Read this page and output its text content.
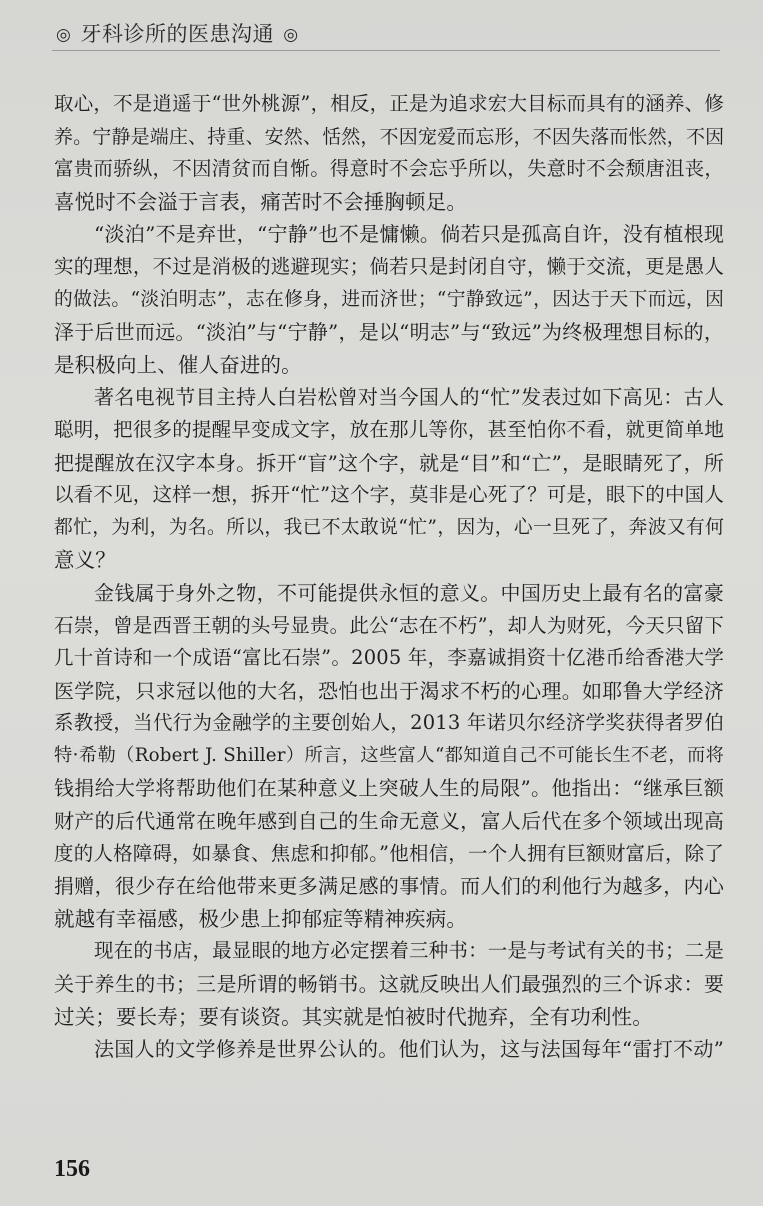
◎ 牙科诊所的医患沟通 ◎
取心，不是逍遥于“世外桃源”，相反，正是为追求宏大目标而具有的涵养、修
养。宁静是端庄、持重、安然、恬然，不因宠爱而忘形，不因失落而怅然，不因
富贵而骄纵，不因清贫而自惭。得意时不会忘乎所以，失意时不会颓唐沮丧，
喜悦时不会溢于言表，痛苦时不会捶胸顿足。
“淡泊”不是弃世，“宁静”也不是慵懒。倘若只是孤高自许，没有植根现
实的理想，不过是消极的逃避现实；倘若只是封闭自守，懒于交流，更是愚人
的做法。“淡泊明志”，志在修身，进而济世；“宁静致远”，因达于天下而远，因
泽于后世而远。“淡泊”与“宁静”，是以“明志”与“致远”为终极理想目标的，
是积极向上、催人奋进的。
著名电视节目主持人白岩松曾对当今国人的“忙”发表过如下高见：古人
聪明，把很多的提醒早变成文字，放在那儿等你，甚至怕你不看，就更简单地
把提醒放在汉字本身。拆开“盲”这个字，就是“目”和“亡”，是眼睛死了，所
以看不见，这样一想，拆开“忙”这个字，莫非是心死了？可是，眼下的中国人
都忙，为利，为名。所以，我已不太敢说“忙”，因为，心一旦死了，奔波又有何
意义？
金钱属于身外之物，不可能提供永恒的意义。中国历史上最有名的富豪
石崇，曾是西晋王朝的头号显贵。此公“志在不朽”，却人为财死，今天只留下
几十首诗和一个成语“富比石崇”。2005 年，李嘉诚捐资十亿港币给香港大学
医学院，只求冠以他的大名，恐怕也出于渴求不朽的心理。如耶鲁大学经济
系教授，当代行为金融学的主要创始人，2013 年诺贝尔经济学奖获得者罗伯
特·希勒（Robert J. Shiller）所言，这些富人“都知道自己不可能长生不老，而将
钱捐给大学将帮助他们在某种意义上突破人生的局限”。他指出：“继承巨额
财产的后代通常在晚年感到自己的生命无意义，富人后代在多个领域出现高
度的人格障碍，如暴食、焦虑和抑郁。”他相信，一个人拥有巨额财富后，除了
捐赠，很少存在给他带来更多满足感的事情。而人们的利他行为越多，内心
就越有幸福感，极少患上抑郁症等精神疾病。
现在的书店，最显眼的地方必定摆着三种书：一是与考试有关的书；二是
关于养生的书；三是所谓的畅销书。这就反映出人们最强烈的三个诉求：要
过关；要长寿；要有谈资。其实就是怕被时代抛弃，全有功利性。
法国人的文学修养是世界公认的。他们认为，这与法国每年“雷打不动”
156
